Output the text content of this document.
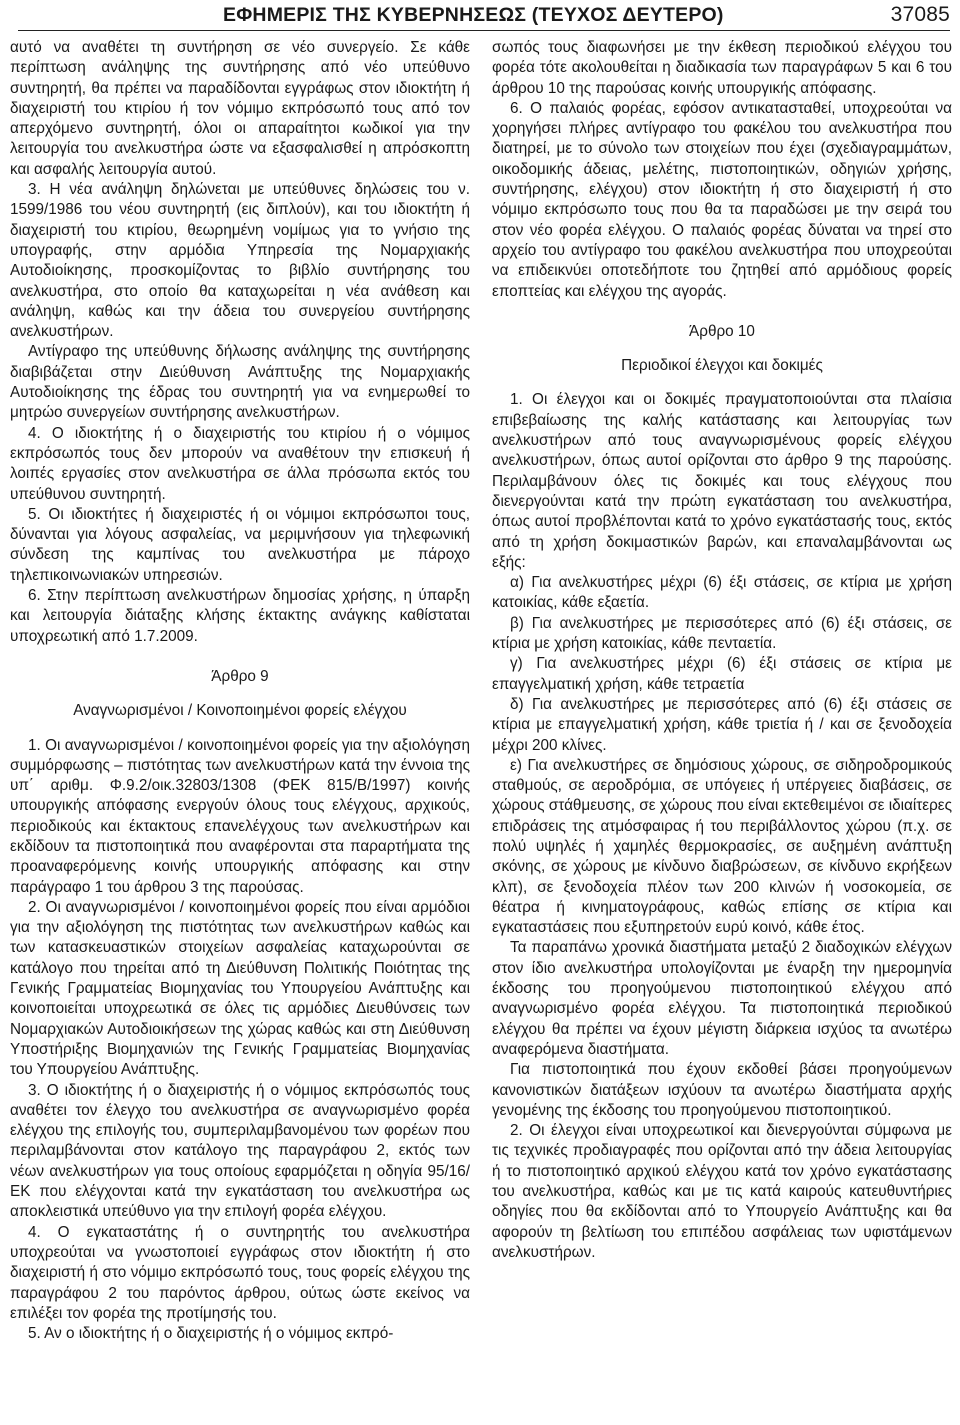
ΕΦΗΜΕΡΙΣ ΤΗΣ ΚΥΒΕΡΝΗΣΕΩΣ (ΤΕΥΧΟΣ ΔΕΥΤΕΡΟ)	37085

αυτό να αναθέτει τη συντήρηση σε νέο συνεργείο. Σε κάθε περίπτωση ανάληψης της συντήρησης από νέο υπεύθυνο συντηρητή, θα πρέπει να παραδίδονται εγγράφως στον ιδιοκτήτη ή διαχειριστή του κτιρίου ή τον νόμιμο εκπρόσωπό τους από τον απερχόμενο συντηρητή, όλοι οι απαραίτητοι κωδικοί για την λειτουργία του ανελκυστήρα ώστε να εξασφαλισθεί η απρόσκοπτη και ασφαλής λειτουργία αυτού.

3. Η νέα ανάληψη δηλώνεται με υπεύθυνες δηλώσεις του ν. 1599/1986 του νέου συντηρητή (εις διπλούν), και του ιδιοκτήτη ή διαχειριστή του κτιρίου, θεωρημένη νομίμως για το γνήσιο της υπογραφής, στην αρμόδια Υπηρεσία της Νομαρχιακής Αυτοδιοίκησης, προσκομίζοντας το βιβλίο συντήρησης του ανελκυστήρα, στο οποίο θα καταχωρείται η νέα ανάθεση και ανάληψη, καθώς και την άδεια του συνεργείου συντήρησης ανελκυστήρων.

Αντίγραφο της υπεύθυνης δήλωσης ανάληψης της συντήρησης διαβιβάζεται στην Διεύθυνση Ανάπτυξης της Νομαρχιακής Αυτοδιοίκησης της έδρας του συντηρητή για να ενημερωθεί το μητρώο συνεργείων συντήρησης ανελκυστήρων.

4. Ο ιδιοκτήτης ή ο διαχειριστής του κτιρίου ή ο νόμιμος εκπρόσωπός τους δεν μπορούν να αναθέτουν την επισκευή ή λοιπές εργασίες στον ανελκυστήρα σε άλλα πρόσωπα εκτός του υπεύθυνου συντηρητή.

5. Οι ιδιοκτήτες ή διαχειριστές ή οι νόμιμοι εκπρόσωποι τους, δύνανται για λόγους ασφαλείας, να μεριμνήσουν για τηλεφωνική σύνδεση της καμπίνας του ανελκυστήρα με πάροχο τηλεπικοινωνιακών υπηρεσιών.

6. Στην περίπτωση ανελκυστήρων δημοσίας χρήσης, η ύπαρξη και λειτουργία διάταξης κλήσης έκτακτης ανάγκης καθίσταται υποχρεωτική από 1.7.2009.

Άρθρο 9

Αναγνωρισμένοι / Κοινοποιημένοι φορείς ελέγχου

1. Οι αναγνωρισμένοι / κοινοποιημένοι φορείς για την αξιολόγηση συμμόρφωσης – πιστότητας των ανελκυστήρων κατά την έννοια της υπ΄ αριθμ. Φ.9.2/οικ.32803/1308 (ΦΕΚ 815/Β/1997) κοινής υπουργικής απόφασης ενεργούν όλους τους ελέγχους, αρχικούς, περιοδικούς και έκτακτους επανελέγχους των ανελκυστήρων και εκδίδουν τα πιστοποιητικά που αναφέρονται στα παραρτήματα της προαναφερόμενης κοινής υπουργικής απόφασης και στην παράγραφο 1 του άρθρου 3 της παρούσας.

2. Οι αναγνωρισμένοι / κοινοποιημένοι φορείς που είναι αρμόδιοι για την αξιολόγηση της πιστότητας των ανελκυστήρων καθώς και των κατασκευαστικών στοιχείων ασφαλείας καταχωρούνται σε κατάλογο που τηρείται από τη Διεύθυνση Πολιτικής Ποιότητας της Γενικής Γραμματείας Βιομηχανίας του Υπουργείου Ανάπτυξης και κοινοποιείται υποχρεωτικά σε όλες τις αρμόδιες Διευθύνσεις των Νομαρχιακών Αυτοδιοικήσεων της χώρας καθώς και στη Διεύθυνση Υποστήριξης Βιομηχανιών της Γενικής Γραμματείας Βιομηχανίας του Υπουργείου Ανάπτυξης.

3. Ο ιδιοκτήτης ή ο διαχειριστής ή ο νόμιμος εκπρόσωπός τους αναθέτει τον έλεγχο του ανελκυστήρα σε αναγνωρισμένο φορέα ελέγχου της επιλογής του, συμπεριλαμβανομένου των φορέων που περιλαμβάνονται στον κατάλογο της παραγράφου 2, εκτός των νέων ανελκυστήρων για τους οποίους εφαρμόζεται η οδηγία 95/16/ΕΚ που ελέγχονται κατά την εγκατάσταση του ανελκυστήρα ως αποκλειστικά υπεύθυνο για την επιλογή φορέα ελέγχου.

4. Ο εγκαταστάτης ή ο συντηρητής του ανελκυστήρα υποχρεούται να γνωστοποιεί εγγράφως στον ιδιοκτήτη ή στο διαχειριστή ή στο νόμιμο εκπρόσωπό τους, τους φορείς ελέγχου της παραγράφου 2 του παρόντος άρθρου, ούτως ώστε εκείνος να επιλέξει τον φορέα της προτίμησής του.

5. Αν ο ιδιοκτήτης ή ο διαχειριστής ή ο νόμιμος εκπρό-

σωπός τους διαφωνήσει με την έκθεση περιοδικού ελέγχου του φορέα τότε ακολουθείται η διαδικασία των παραγράφων 5 και 6 του άρθρου 10 της παρούσας κοινής υπουργικής απόφασης.

6. Ο παλαιός φορέας, εφόσον αντικατασταθεί, υποχρεούται να χορηγήσει πλήρες αντίγραφο του φακέλου του ανελκυστήρα που διατηρεί, με το σύνολο των στοιχείων που έχει (σχεδιαγραμμάτων, οικοδομικής άδειας, μελέτης, πιστοποιητικών, οδηγιών χρήσης, συντήρησης, ελέγχου) στον ιδιοκτήτη ή στο διαχειριστή ή στο νόμιμο εκπρόσωπο τους που θα τα παραδώσει με την σειρά του στον νέο φορέα ελέγχου. Ο παλαιός φορέας δύναται να τηρεί στο αρχείο του αντίγραφο του φακέλου ανελκυστήρα που υποχρεούται να επιδεικνύει οποτεδήποτε του ζητηθεί από αρμόδιους φορείς εποπτείας και ελέγχου της αγοράς.

Άρθρο 10

Περιοδικοί έλεγχοι και δοκιμές

1. Οι έλεγχοι και οι δοκιμές πραγματοποιούνται στα πλαίσια επιβεβαίωσης της καλής κατάστασης και λειτουργίας των ανελκυστήρων από τους αναγνωρισμένους φορείς ελέγχου ανελκυστήρων, όπως αυτοί ορίζονται στο άρθρο 9 της παρούσης. Περιλαμβάνουν όλες τις δοκιμές και τους ελέγχους που διενεργούνται κατά την πρώτη εγκατάσταση του ανελκυστήρα, όπως αυτοί προβλέπονται κατά το χρόνο εγκατάστασής τους, εκτός από τη χρήση δοκιμαστικών βαρών, και επαναλαμβάνονται ως εξής:

α) Για ανελκυστήρες μέχρι (6) έξι στάσεις, σε κτίρια με χρήση κατοικίας, κάθε εξαετία.

β) Για ανελκυστήρες με περισσότερες από (6) έξι στάσεις, σε κτίρια με χρήση κατοικίας, κάθε πενταετία.

γ) Για ανελκυστήρες μέχρι (6) έξι στάσεις σε κτίρια με επαγγελματική χρήση, κάθε τετραετία

δ) Για ανελκυστήρες με περισσότερες από (6) έξι στάσεις σε κτίρια με επαγγελματική χρήση, κάθε τριετία ή / και σε ξενοδοχεία μέχρι 200 κλίνες.

ε) Για ανελκυστήρες σε δημόσιους χώρους, σε σιδηροδρομικούς σταθμούς, σε αεροδρόμια, σε υπόγειες ή υπέργειες διαβάσεις, σε χώρους στάθμευσης, σε χώρους που είναι εκτεθειμένοι σε ιδιαίτερες επιδράσεις της ατμόσφαιρας ή του περιβάλλοντος χώρου (π.χ. σε πολύ υψηλές ή χαμηλές θερμοκρασίες, σε αυξημένη ανάπτυξη σκόνης, σε χώρους με κίνδυνο διαβρώσεων, σε κίνδυνο εκρήξεων κλπ), σε ξενοδοχεία πλέον των 200 κλινών ή νοσοκομεία, σε θέατρα ή κινηματογράφους, καθώς επίσης σε κτίρια και εγκαταστάσεις που εξυπηρετούν ευρύ κοινό, κάθε έτος.

Τα παραπάνω χρονικά διαστήματα μεταξύ 2 διαδοχικών ελέγχων στον ίδιο ανελκυστήρα υπολογίζονται με έναρξη την ημερομηνία έκδοσης του προηγούμενου πιστοποιητικού ελέγχου από αναγνωρισμένο φορέα ελέγχου. Τα πιστοποιητικά περιοδικού ελέγχου θα πρέπει να έχουν μέγιστη διάρκεια ισχύος τα ανωτέρω αναφερόμενα διαστήματα.

Για πιστοποιητικά που έχουν εκδοθεί βάσει προηγούμενων κανονιστικών διατάξεων ισχύουν τα ανωτέρω διαστήματα αρχής γενομένης της έκδοσης του προηγούμενου πιστοποιητικού.

2. Οι έλεγχοι είναι υποχρεωτικοί και διενεργούνται σύμφωνα με τις τεχνικές προδιαγραφές που ορίζονται από την άδεια λειτουργίας ή το πιστοποιητικό αρχικού ελέγχου κατά τον χρόνο εγκατάστασης του ανελκυστήρα, καθώς και με τις κατά καιρούς κατευθυντήριες οδηγίες που θα εκδίδονται από το Υπουργείο Ανάπτυξης και θα αφορούν τη βελτίωση του επιπέδου ασφάλειας των υφιστάμενων ανελκυστήρων.
